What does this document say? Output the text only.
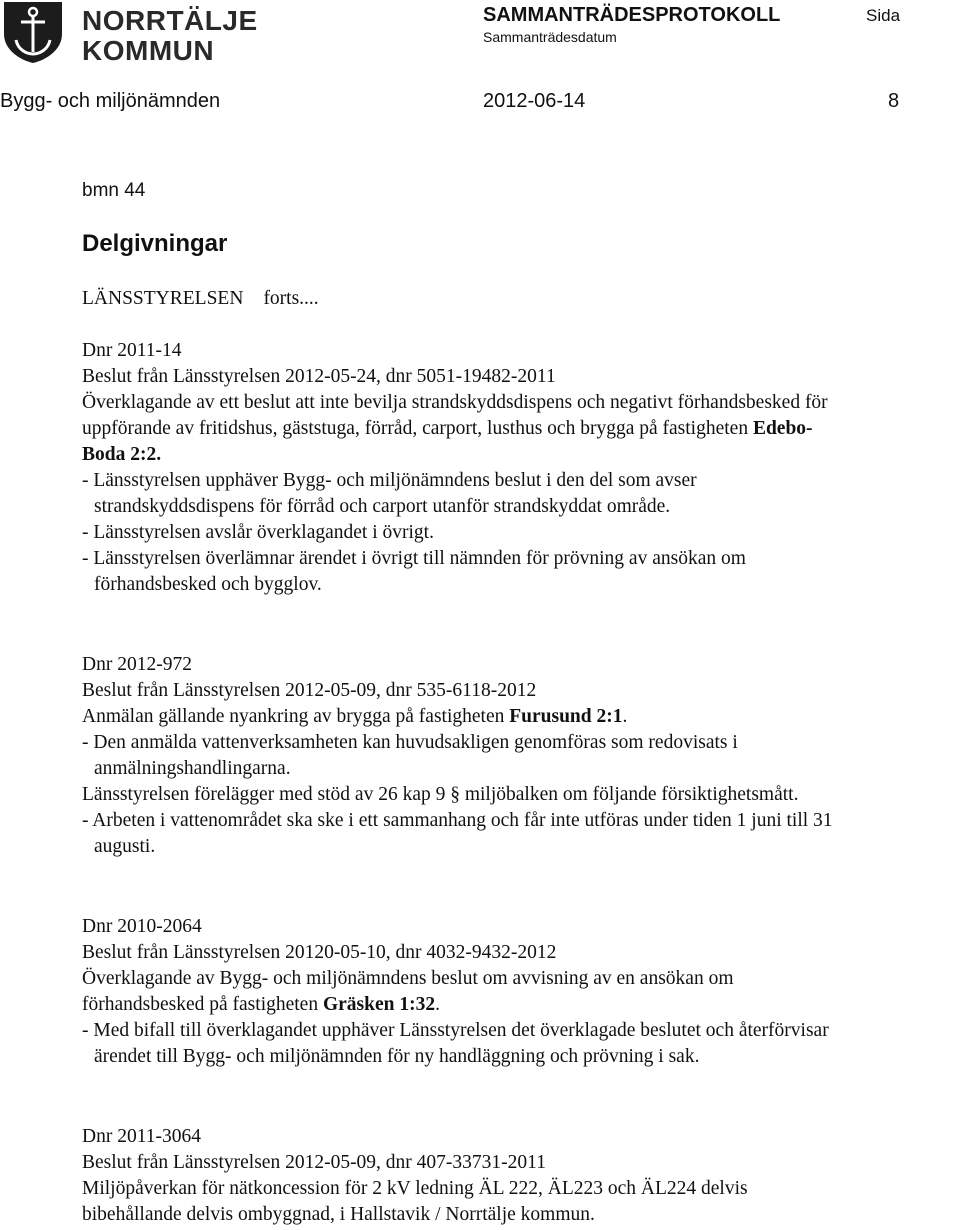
NORRTÄLJE
KOMMUN
SAMMANTRÄDESPROTOKOLL
Sammanträdesdatum
Sida
Bygg- och miljönämnden	2012-06-14	8
bmn 44
Delgivningar
LÄNSSTYRELSEN forts....
Dnr 2011-14
Beslut från Länsstyrelsen 2012-05-24, dnr 5051-19482-2011
Överklagande av ett beslut att inte bevilja strandskyddsdispens och negativt förhandsbesked för
uppförande av fritidshus, gäststuga, förråd, carport, lusthus och brygga på fastigheten Edebo-
Boda 2:2.
- Länsstyrelsen upphäver Bygg- och miljönämndens beslut i den del som avser
strandskyddsdispens för förråd och carport utanför strandskyddat område.
- Länsstyrelsen avslår överklagandet i övrigt.
- Länsstyrelsen överlämnar ärendet i övrigt till nämnden för prövning av ansökan om
förhandsbesked och bygglov.
Dnr 2012-972
Beslut från Länsstyrelsen 2012-05-09, dnr 535-6118-2012
Anmälan gällande nyankring av brygga på fastigheten Furusund 2:1.
- Den anmälda vattenverksamheten kan huvudsakligen genomföras som redovisats i
anmälningshandlingarna.
Länsstyrelsen förelägger med stöd av 26 kap 9 § miljöbalken om följande försiktighetsmått.
- Arbeten i vattenområdet ska ske i ett sammanhang och får inte utföras under tiden 1 juni till 31
augusti.
Dnr 2010-2064
Beslut från Länsstyrelsen 20120-05-10, dnr 4032-9432-2012
Överklagande av Bygg- och miljönämndens beslut om avvisning av en ansökan om
förhandsbesked på fastigheten Gräsken 1:32.
- Med bifall till överklagandet upphäver Länsstyrelsen det överklagade beslutet och återförvisar
ärendet till Bygg- och miljönämnden för ny handläggning och prövning i sak.
Dnr 2011-3064
Beslut från Länsstyrelsen 2012-05-09, dnr 407-33731-2011
Miljöpåverkan för nätkoncession för 2 kV ledning ÄL 222, ÄL223 och ÄL224 delvis
bibehållande delvis ombyggnad, i Hallstavik / Norrtälje kommun.
